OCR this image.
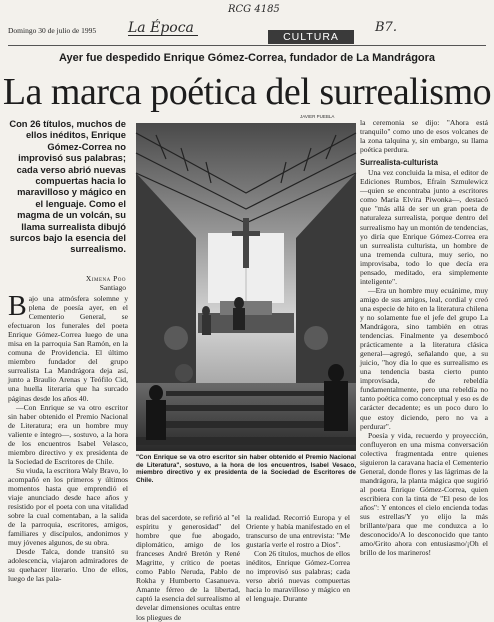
RCG 4185
La Época	B7.
Domingo 30 de julio de 1995
CULTURA
Ayer fue despedido Enrique Gómez-Correa, fundador de La Mandrágora
La marca poética del surrealismo
Con 26 títulos, muchos de ellos inéditos, Enrique Gómez-Correa no improvisó sus palabras; cada verso abrió nuevas compuertas hacia lo maravilloso y mágico en el lenguaje. Como el magma de un volcán, su llama surrealista dibujó surcos bajo la esencia del surrealismo.
Ximena Poo
Santiago

Bajo una atmósfera solemne y plena de poesía ayer, en el Cementerio General, se efectuaron los funerales del poeta Enrique Gómez-Correa luego de una misa en la parroquia San Ramón, en la comuna de Providencia. El último miembro fundador del grupo surrealista La Mandrágora deja así, junto a Braulio Arenas y Teófilo Cid, una huella literaria que ha surcado páginas desde los años 40.

—Con Enrique se va otro escritor sin haber obtenido el Premio Nacional de Literatura; era un hombre muy valiente e íntegro—, sostuvo, a la hora de los encuentros Isabel Velasco, miembro directivo y ex presidenta de la Sociedad de Escritores de Chile.

Su viuda, la escritora Waly Bravo, lo acompañó en los primeros y últimos momentos hasta que emprendió el viaje anunciado desde hace años y resistido por el poeta con una vitalidad sobre la cual comentaban, a la salida de la parroquia, escritores, amigos, familiares y discípulos, andonimos y muy jóvenes algunos, de su obra.

Desde Talca, donde transitó su adolescencia, viajaron admiradores de su quehacer literario. Uno de ellos, luego de las pala-

JAVIER PUEBLA
"Con Enrique se va otro escritor sin haber obtenido el Premio Nacional de Literatura", sostuvo, a la hora de los encuentros, Isabel Vesaco, miembro directivo y ex presidenta de la Sociedad de Escritores de Chile.

bras del sacerdote, se refirió al "el espíritu y generosidad" del hombre que fue abogado, diplomático, amigo de los franceses André Bretón y René Magritte, y crítico de poetas como Pablo Neruda, Pablo de Rokha y Humberto Casanueva. Amante férreo de la libertad, captó la esencia del surrealismo al develar dimensiones ocultas entre los pliegues de

la realidad. Recorrió Europa y el Oriente y había manifestado en el transcurso de una entrevista: "Me gustaría verle el rostro a Dios".

Con 26 títulos, muchos de ellos inéditos, Enrique Gómez-Correa no improvisó sus palabras; cada verso abrió nuevas compuertas hacia lo maravilloso y mágico en el lenguaje. Durante

la ceremonia se dijo: "Ahora está tranquilo" como uno de esos volcanes de la zona talquina y, sin embargo, su llama poética perdura.

Surrealista-culturista

Una vez concluida la misa, el editor de Ediciones Rumbos, Efraín Szmulewicz —quien se encontraba junto a escritores como María Elvira Piwonka—, destacó que "más allá de ser un gran poeta de naturaleza surrealista, porque dentro del surrealismo hay un montón de tendencias, yo diría que Enrique Gómez-Correa era un surrealista culturista, un hombre de una tremenda cultura, muy serio, no improvisaba, todo lo que decía era pensado, meditado, era simplemente inteligente".

—Era un hombre muy ecuánime, muy amigo de sus amigos, leal, cordial y creó una especie de hito en la literatura chilena y no solamente fue el jefe del grupo La Mandrágora, sino también en otras tendencias. Finalmente ya desembocó prácticamente a la literatura clásica general—agregó, señalando que, a su juicio, "hoy día lo que es surrealismo es una tendencia basta cierto punto improvisada, de rebeldía fundamentalmente, pero una rebeldía no tanto poética como conceptual y eso es de carácter decadente; es un poco duro lo que estoy diciendo, pero no va a perdurar".

Poesía y vida, recuerdo y proyección, confluyeron en una misma conversación colectiva fragmentada entre quienes siguieron la caravana hacia el Cementerio General, donde flores y las lágrimas de la mandrágora, la planta mágica que sugirió al poeta Enrique Gómez-Correa, quien escribiera con la tinta de "El peso de los años": Y entonces el cielo encienda todas sus estrellas/Y yo elijo la más brillante/para que me conduzca a lo desconocido/A lo desconocido que tanto amo/Grito ahora con entusiasmo/¡Oh el brillo de los marineros!
